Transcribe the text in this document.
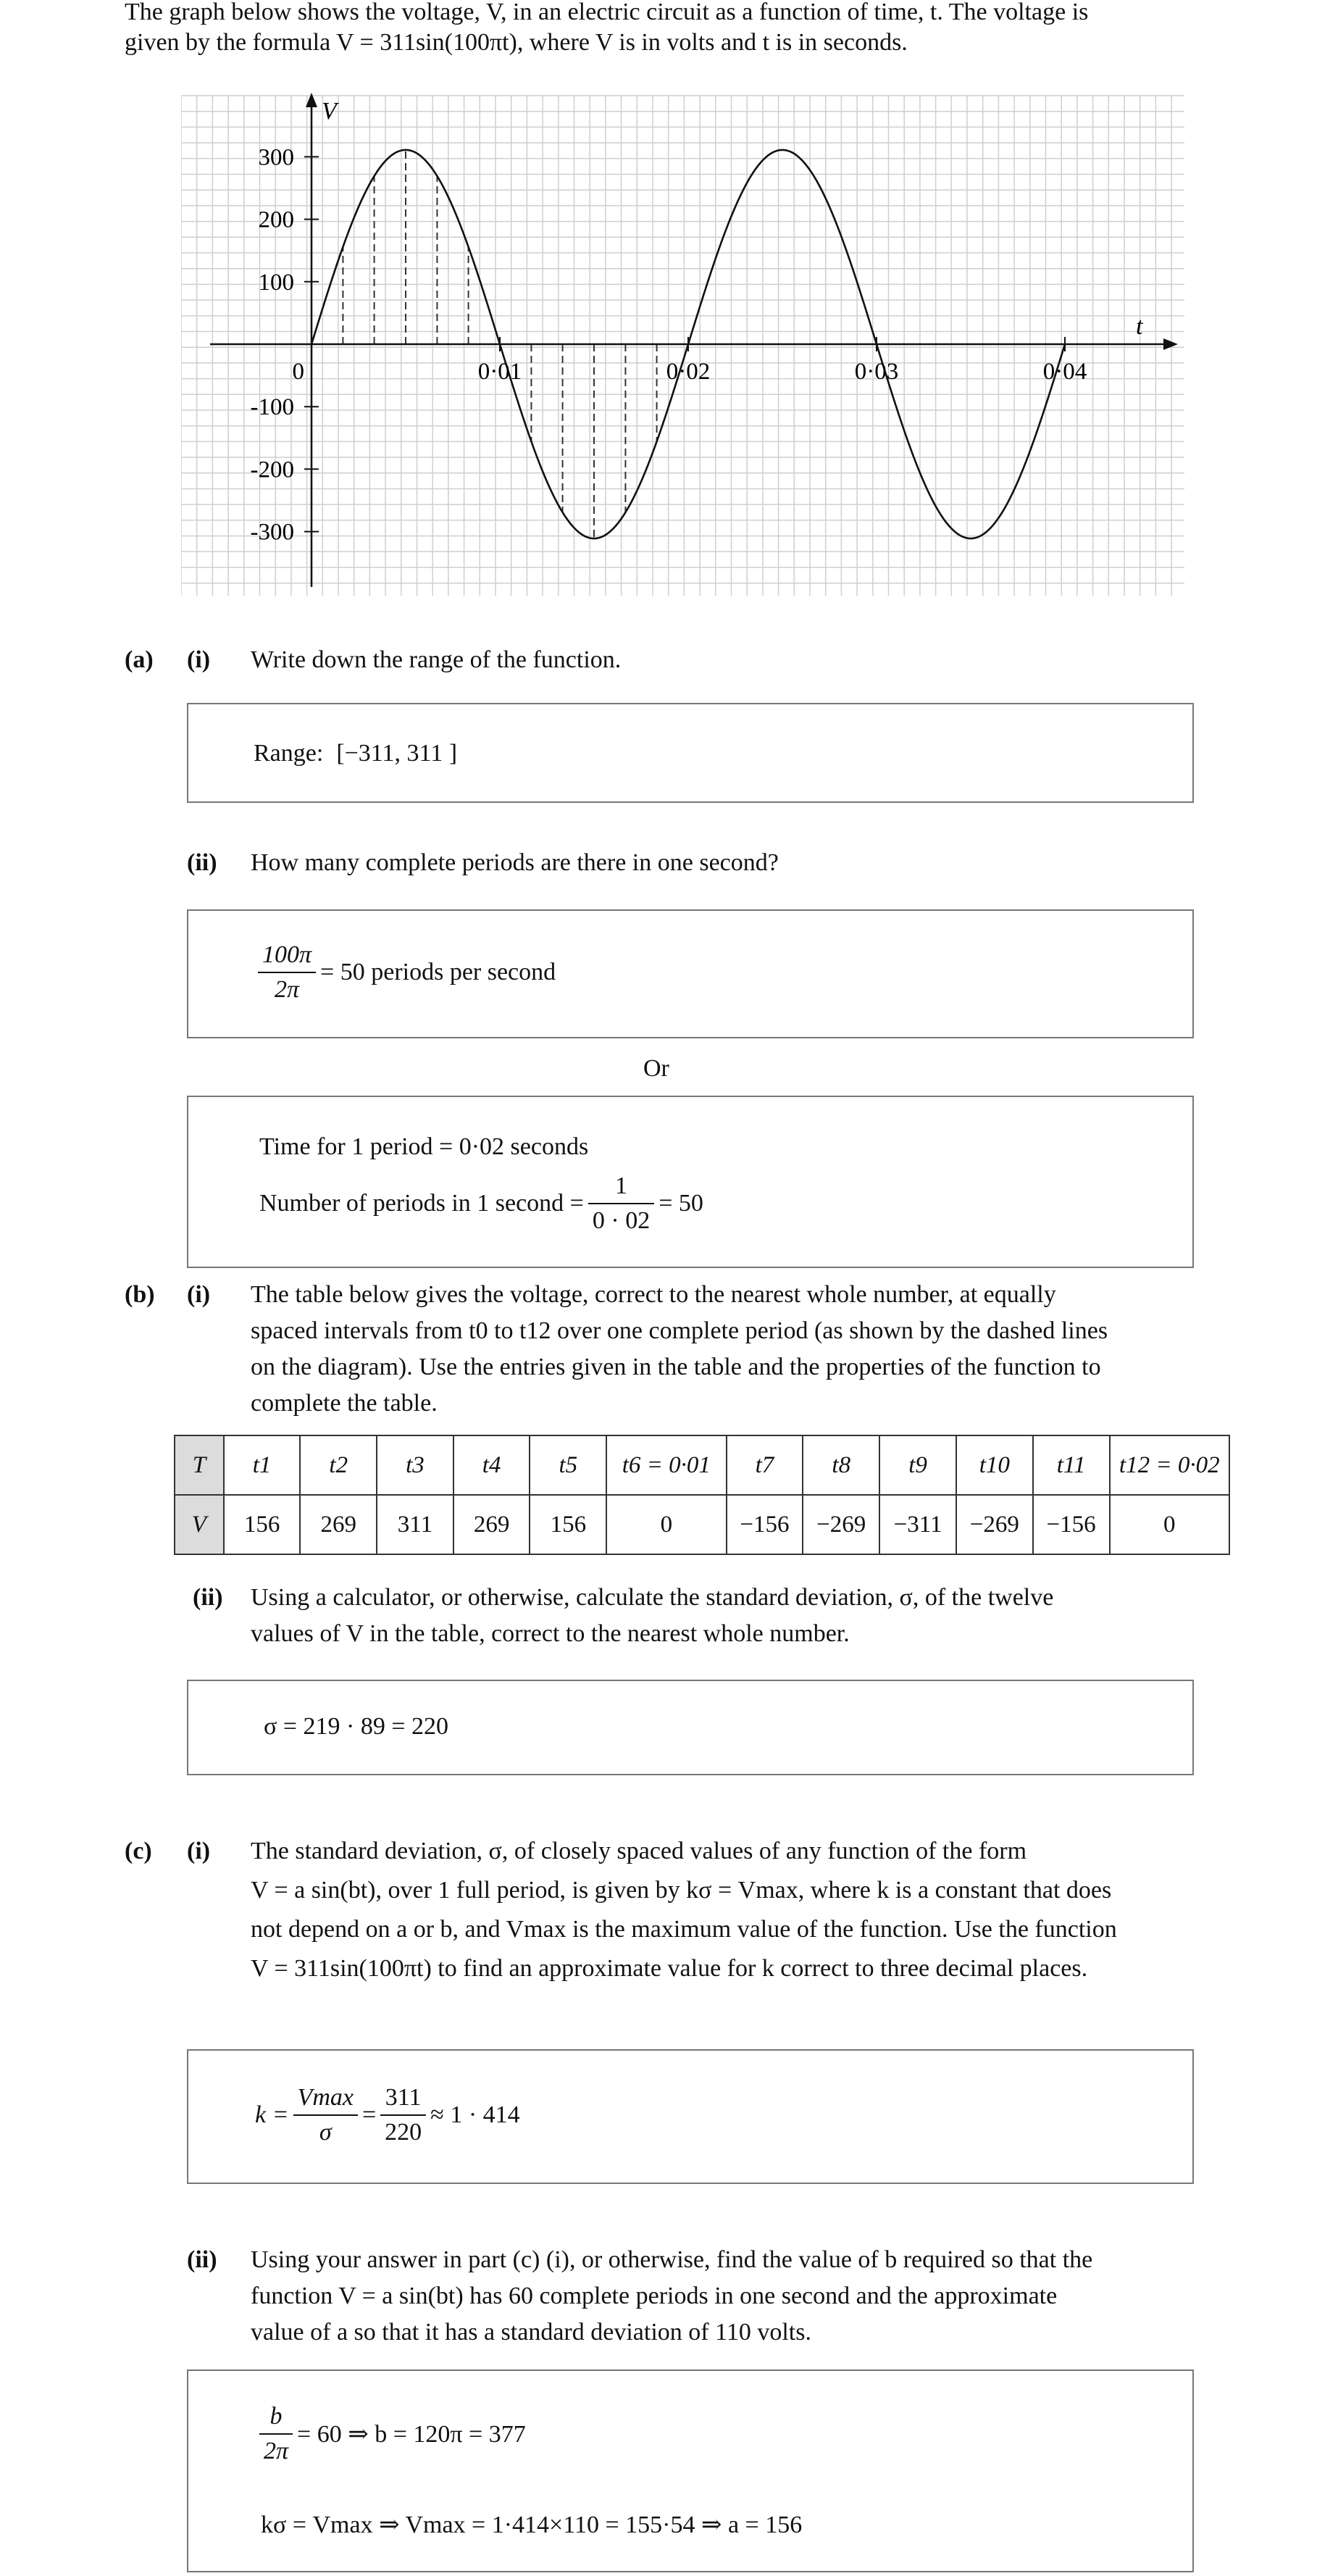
The graph below shows the voltage, V, in an electric circuit as a function of time, t. The voltage is
given by the formula V = 311sin(100πt), where V is in volts and t is in seconds.
V
t
300
200
100
-100
-200
-300
0	0·01	0·02	0·03	0·04
(a) (i) Write down the range of the function.
Range: [−311, 311 ]
(ii) How many complete periods are there in one second?
$\frac{100\pi}{2\pi} = 50$ periods per second
Or
Time for 1 period = 0·02 seconds
Number of periods in 1 second = $\frac{1}{0 \cdot 02} = 50$
(b) (i) The table below gives the voltage, correct to the nearest whole number, at equally
spaced intervals from t0 to t12 over one complete period (as shown by the dashed lines
on the diagram). Use the entries given in the table and the properties of the function to
complete the table.
T	t1	t2	t3	t4	t5	t6 = 0·01	t7	t8	t9	t10	t11	t12 = 0·02
V	156	269	311	269	156	0	−156	−269	−311	−269	−156	0
(ii) Using a calculator, or otherwise, calculate the standard deviation, σ, of the twelve
values of V in the table, correct to the nearest whole number.
σ = 219 · 89 = 220
(c) (i) The standard deviation, σ, of closely spaced values of any function of the form
V = a sin(bt), over 1 full period, is given by kσ = Vmax, where k is a constant that does
not depend on a or b, and Vmax is the maximum value of the function. Use the function
V = 311sin(100πt) to find an approximate value for k correct to three decimal places.
$k = \frac{Vmax}{\sigma} = \frac{311}{220} \approx 1 \cdot 414$
(ii) Using your answer in part (c) (i), or otherwise, find the value of b required so that the
function V = a sin(bt) has 60 complete periods in one second and the approximate
value of a so that it has a standard deviation of 110 volts.
$\frac{b}{2\pi} = 60$ ⇒ b = 120π = 377
kσ = Vmax ⇒ Vmax = 1·414×110 = 155·54 ⇒ a = 156
